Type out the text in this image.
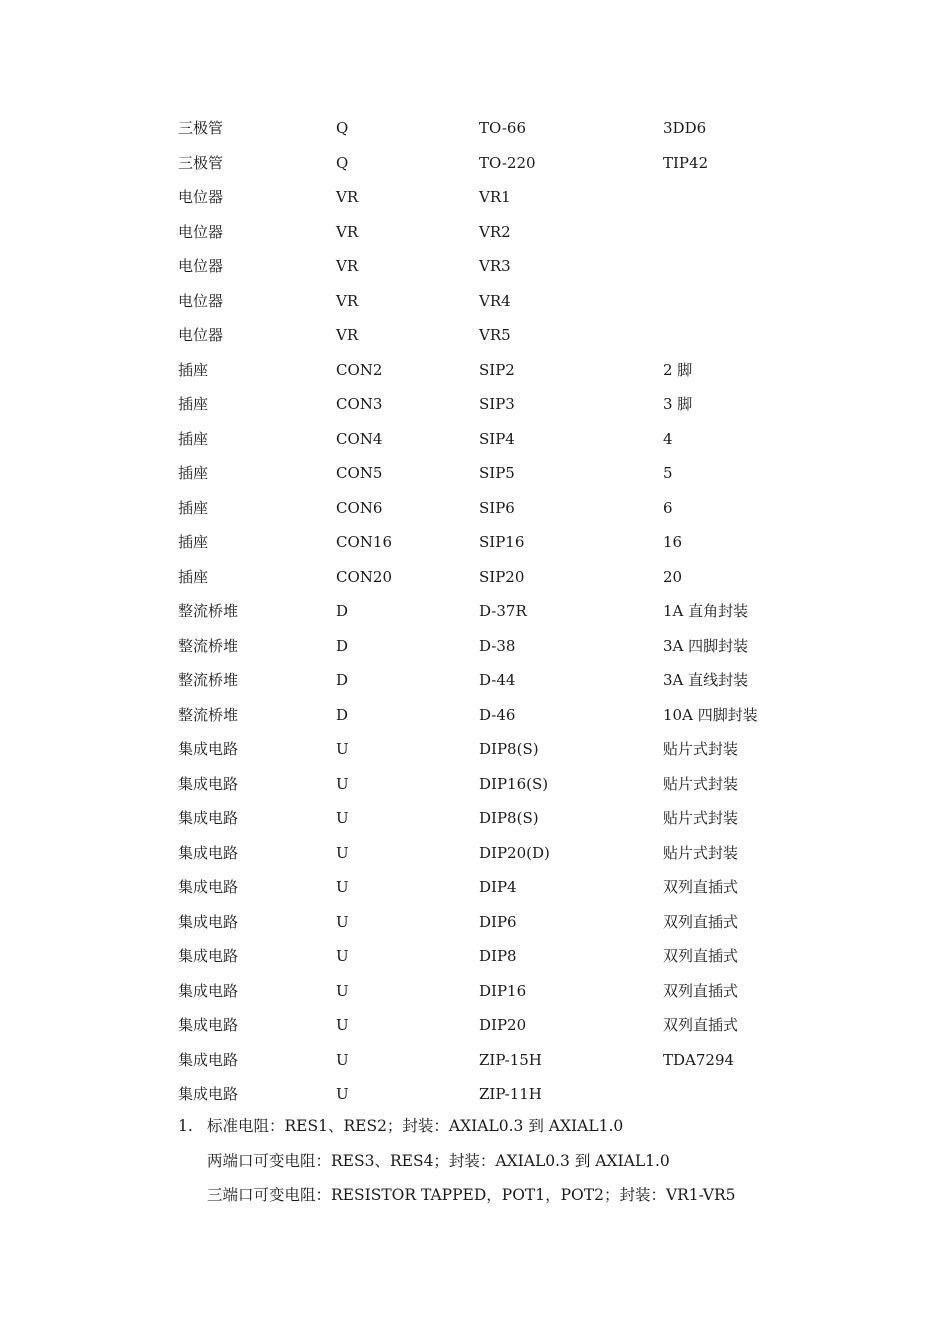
三极管	Q	TO-66	3DD6
三极管	Q	TO-220	TIP42
电位器	VR	VR1
电位器	VR	VR2
电位器	VR	VR3
电位器	VR	VR4
电位器	VR	VR5
插座	CON2	SIP2	2 脚
插座	CON3	SIP3	3 脚
插座	CON4	SIP4	4
插座	CON5	SIP5	5
插座	CON6	SIP6	6
插座	CON16	SIP16	16
插座	CON20	SIP20	20
整流桥堆	D	D-37R	1A 直角封装
整流桥堆	D	D-38	3A 四脚封装
整流桥堆	D	D-44	3A 直线封装
整流桥堆	D	D-46	10A 四脚封装
集成电路	U	DIP8(S)	贴片式封装
集成电路	U	DIP16(S)	贴片式封装
集成电路	U	DIP8(S)	贴片式封装
集成电路	U	DIP20(D)	贴片式封装
集成电路	U	DIP4	双列直插式
集成电路	U	DIP6	双列直插式
集成电路	U	DIP8	双列直插式
集成电路	U	DIP16	双列直插式
集成电路	U	DIP20	双列直插式
集成电路	U	ZIP-15H	TDA7294
集成电路	U	ZIP-11H
1. 标准电阻：RES1、RES2；封装：AXIAL0.3 到 AXIAL1.0
两端口可变电阻：RES3、RES4；封装：AXIAL0.3 到 AXIAL1.0
三端口可变电阻：RESISTOR TAPPED，POT1，POT2；封装：VR1-VR5
